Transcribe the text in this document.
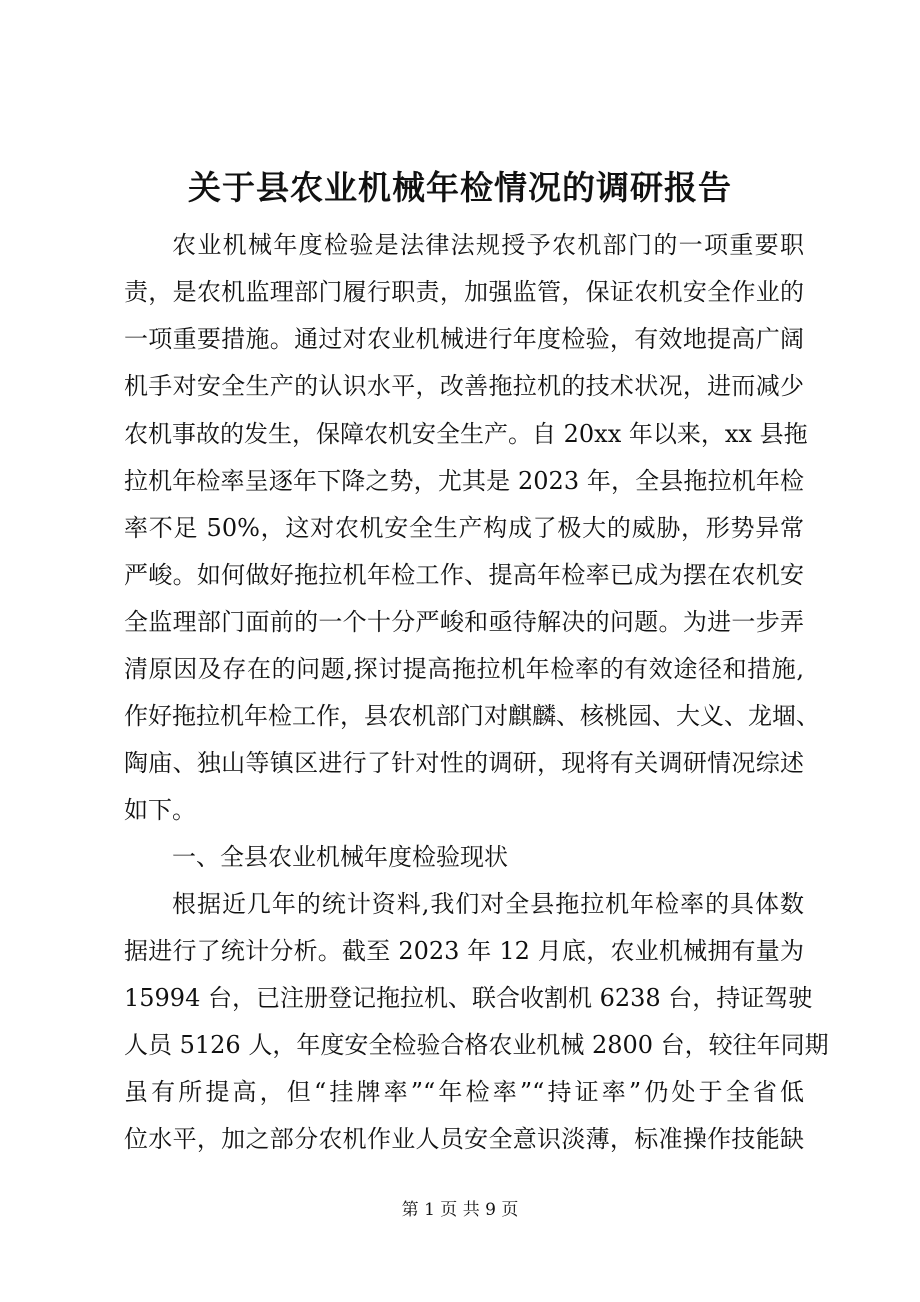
关于县农业机械年检情况的调研报告
农业机械年度检验是法律法规授予农机部门的一项重要职
责，是农机监理部门履行职责，加强监管，保证农机安全作业的
一项重要措施。通过对农业机械进行年度检验，有效地提高广阔
机手对安全生产的认识水平，改善拖拉机的技术状况，进而减少
农机事故的发生，保障农机安全生产。自 20xx 年以来，xx 县拖
拉机年检率呈逐年下降之势，尤其是 2023 年，全县拖拉机年检
率不足 50%，这对农机安全生产构成了极大的威胁，形势异常
严峻。如何做好拖拉机年检工作、提高年检率已成为摆在农机安
全监理部门面前的一个十分严峻和亟待解决的问题。为进一步弄
清原因及存在的问题,探讨提高拖拉机年检率的有效途径和措施,
作好拖拉机年检工作，县农机部门对麒麟、核桃园、大义、龙堌、
陶庙、独山等镇区进行了针对性的调研，现将有关调研情况综述
如下。
一、全县农业机械年度检验现状
根据近几年的统计资料,我们对全县拖拉机年检率的具体数
据进行了统计分析。截至 2023 年 12 月底，农业机械拥有量为
15994 台，已注册登记拖拉机、联合收割机 6238 台，持证驾驶
人员 5126 人，年度安全检验合格农业机械 2800 台，较往年同期
虽有所提高，但“挂牌率”“年检率”“持证率”仍处于全省低
位水平，加之部分农机作业人员安全意识淡薄，标准操作技能缺
第 1 页 共 9 页
